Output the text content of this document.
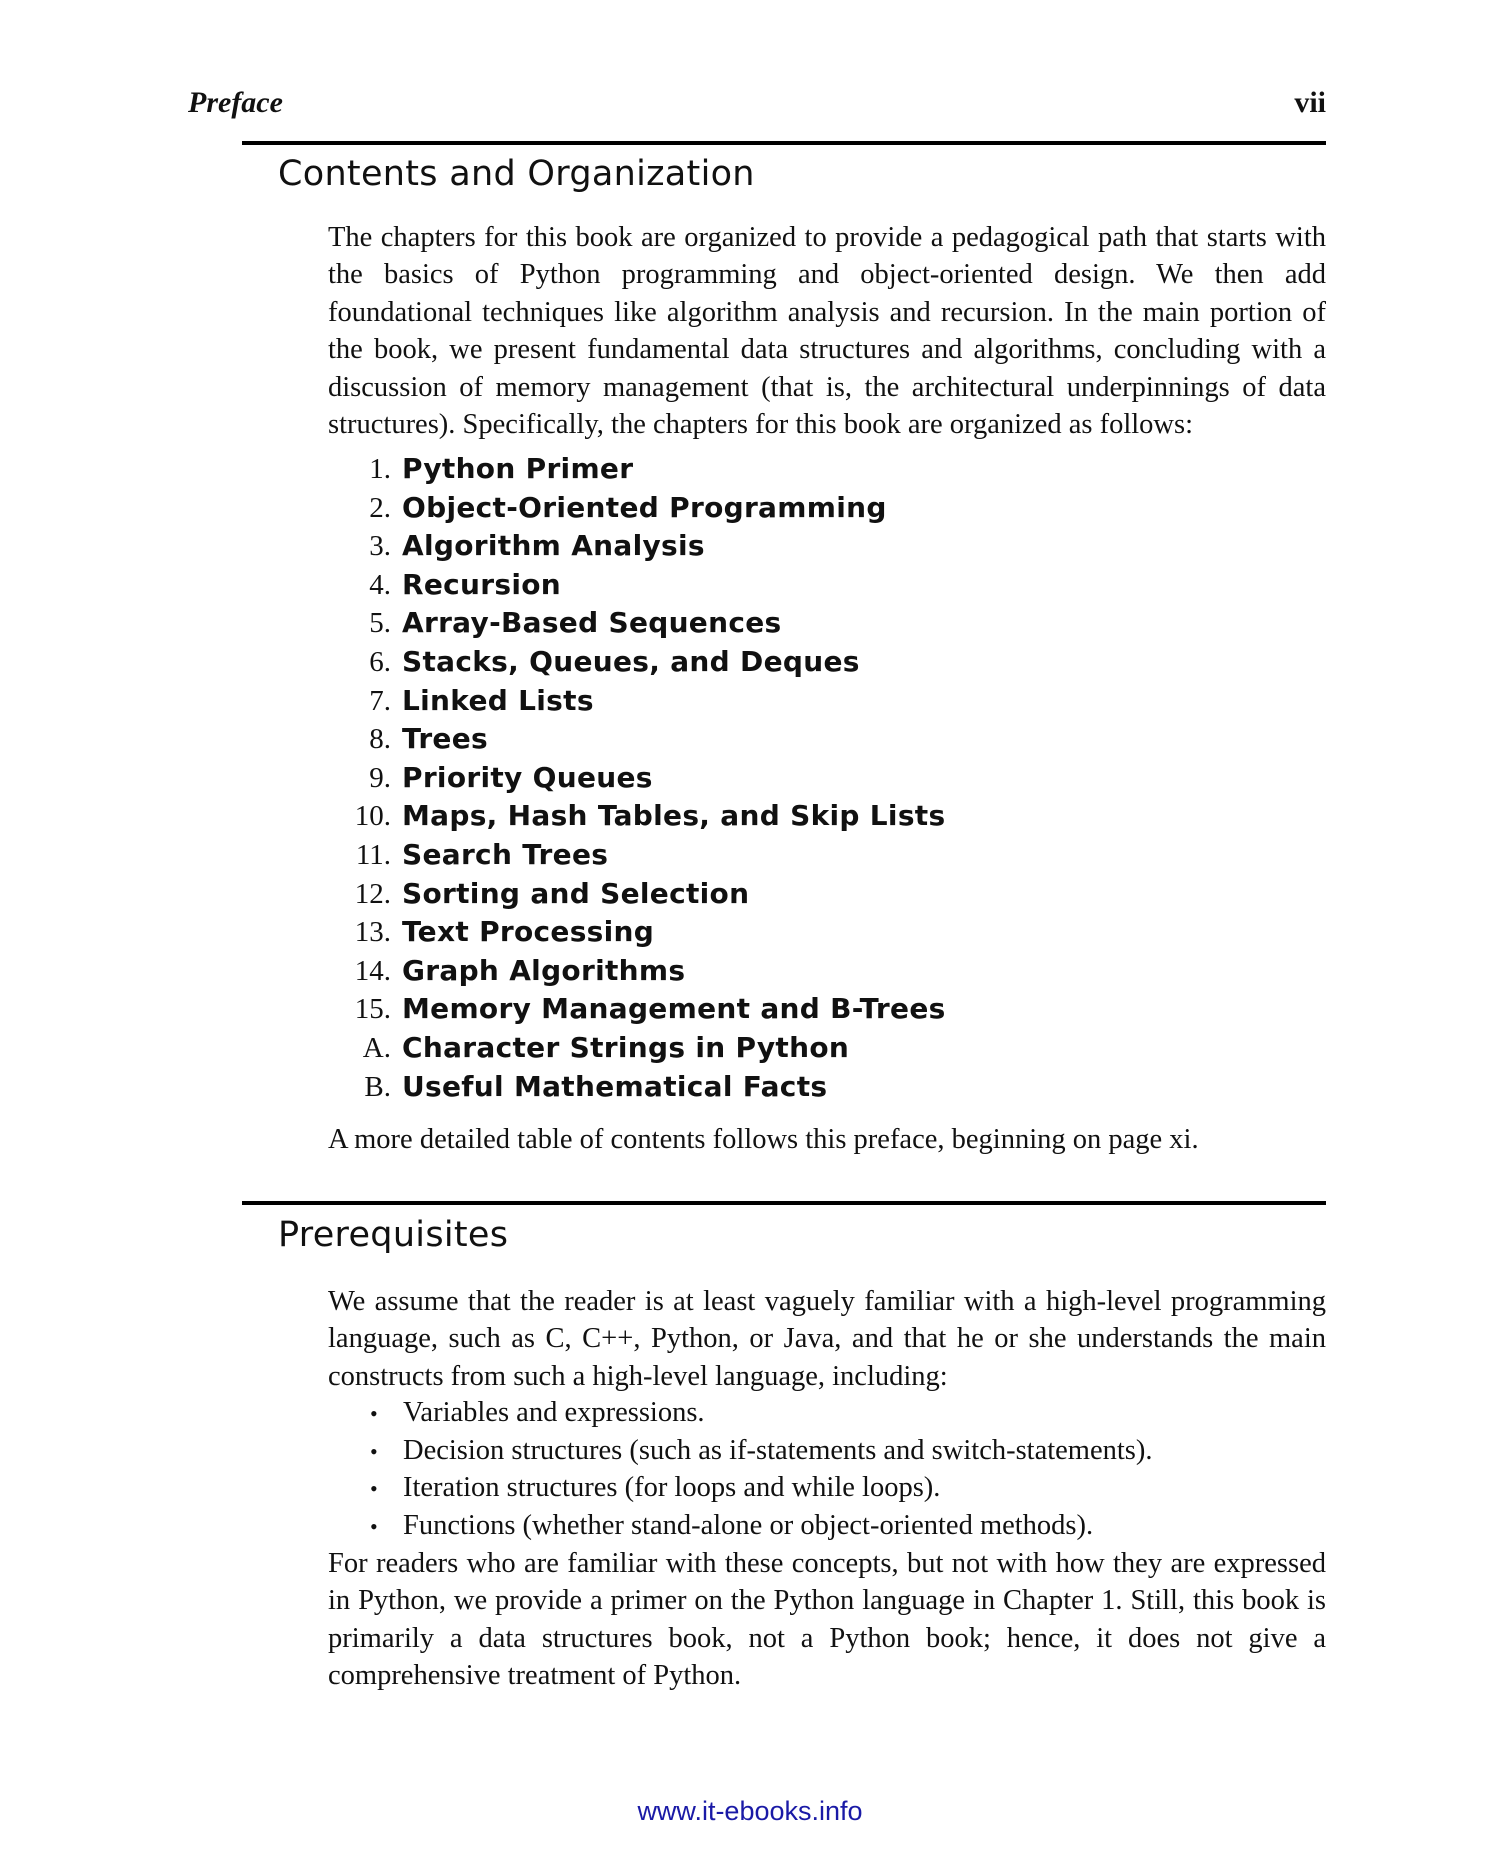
Preface	vii
Contents and Organization

The chapters for this book are organized to provide a pedagogical path that starts with the basics of Python programming and object-oriented design. We then add foundational techniques like algorithm analysis and recursion. In the main portion of the book, we present fundamental data structures and algorithms, concluding with a discussion of memory management (that is, the architectural underpinnings of data structures). Specifically, the chapters for this book are organized as follows:

1. Python Primer
2. Object-Oriented Programming
3. Algorithm Analysis
4. Recursion
5. Array-Based Sequences
6. Stacks, Queues, and Deques
7. Linked Lists
8. Trees
9. Priority Queues
10. Maps, Hash Tables, and Skip Lists
11. Search Trees
12. Sorting and Selection
13. Text Processing
14. Graph Algorithms
15. Memory Management and B-Trees
A. Character Strings in Python
B. Useful Mathematical Facts

A more detailed table of contents follows this preface, beginning on page xi.

Prerequisites

We assume that the reader is at least vaguely familiar with a high-level programming language, such as C, C++, Python, or Java, and that he or she understands the main constructs from such a high-level language, including:

• Variables and expressions.
• Decision structures (such as if-statements and switch-statements).
• Iteration structures (for loops and while loops).
• Functions (whether stand-alone or object-oriented methods).

For readers who are familiar with these concepts, but not with how they are expressed in Python, we provide a primer on the Python language in Chapter 1. Still, this book is primarily a data structures book, not a Python book; hence, it does not give a comprehensive treatment of Python.

www.it-ebooks.info
